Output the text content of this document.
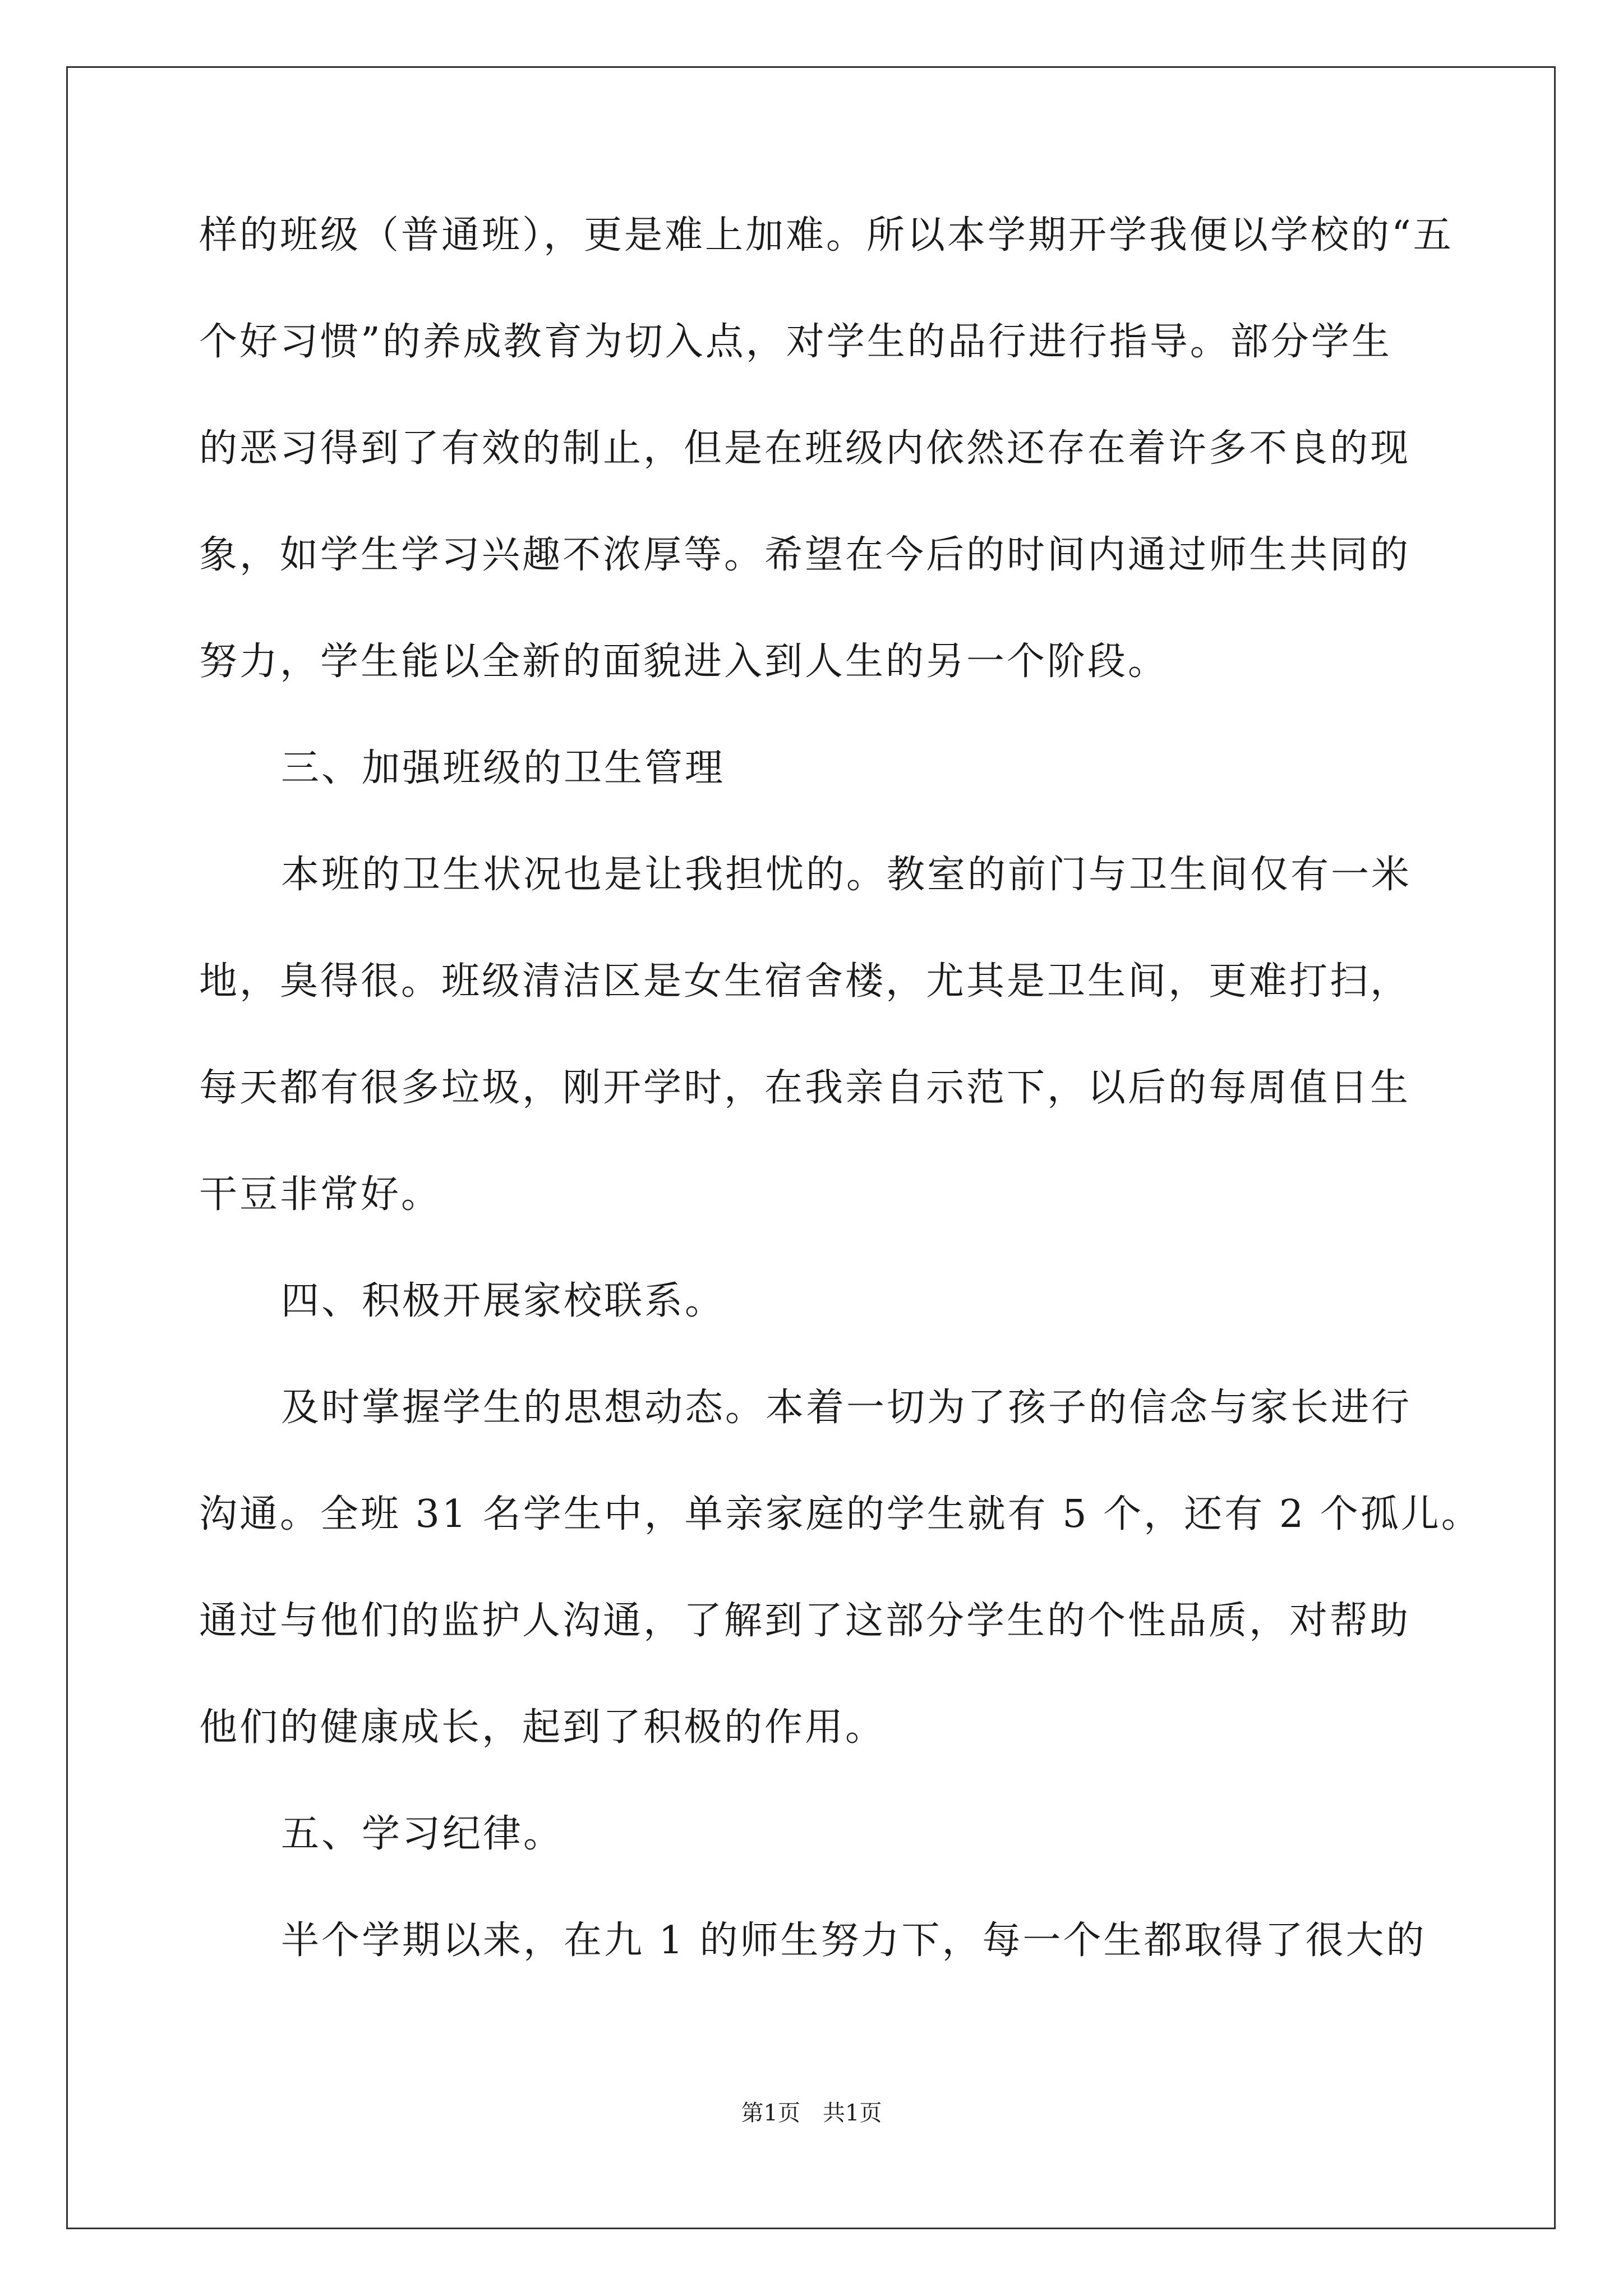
样的班级（普通班），更是难上加难。所以本学期开学我便以学校的“五
个好习惯”的养成教育为切入点，对学生的品行进行指导。部分学生
的恶习得到了有效的制止，但是在班级内依然还存在着许多不良的现
象，如学生学习兴趣不浓厚等。希望在今后的时间内通过师生共同的
努力，学生能以全新的面貌进入到人生的另一个阶段。
三、加强班级的卫生管理
本班的卫生状况也是让我担忧的。教室的前门与卫生间仅有一米
地，臭得很。班级清洁区是女生宿舍楼，尤其是卫生间，更难打扫，
每天都有很多垃圾，刚开学时，在我亲自示范下，以后的每周值日生
干豆非常好。
四、积极开展家校联系。
及时掌握学生的思想动态。本着一切为了孩子的信念与家长进行
沟通。全班 31 名学生中，单亲家庭的学生就有 5 个，还有 2 个孤儿。
通过与他们的监护人沟通，了解到了这部分学生的个性品质，对帮助
他们的健康成长，起到了积极的作用。
五、学习纪律。
半个学期以来，在九 1 的师生努力下，每一个生都取得了很大的
第1页　共1页
